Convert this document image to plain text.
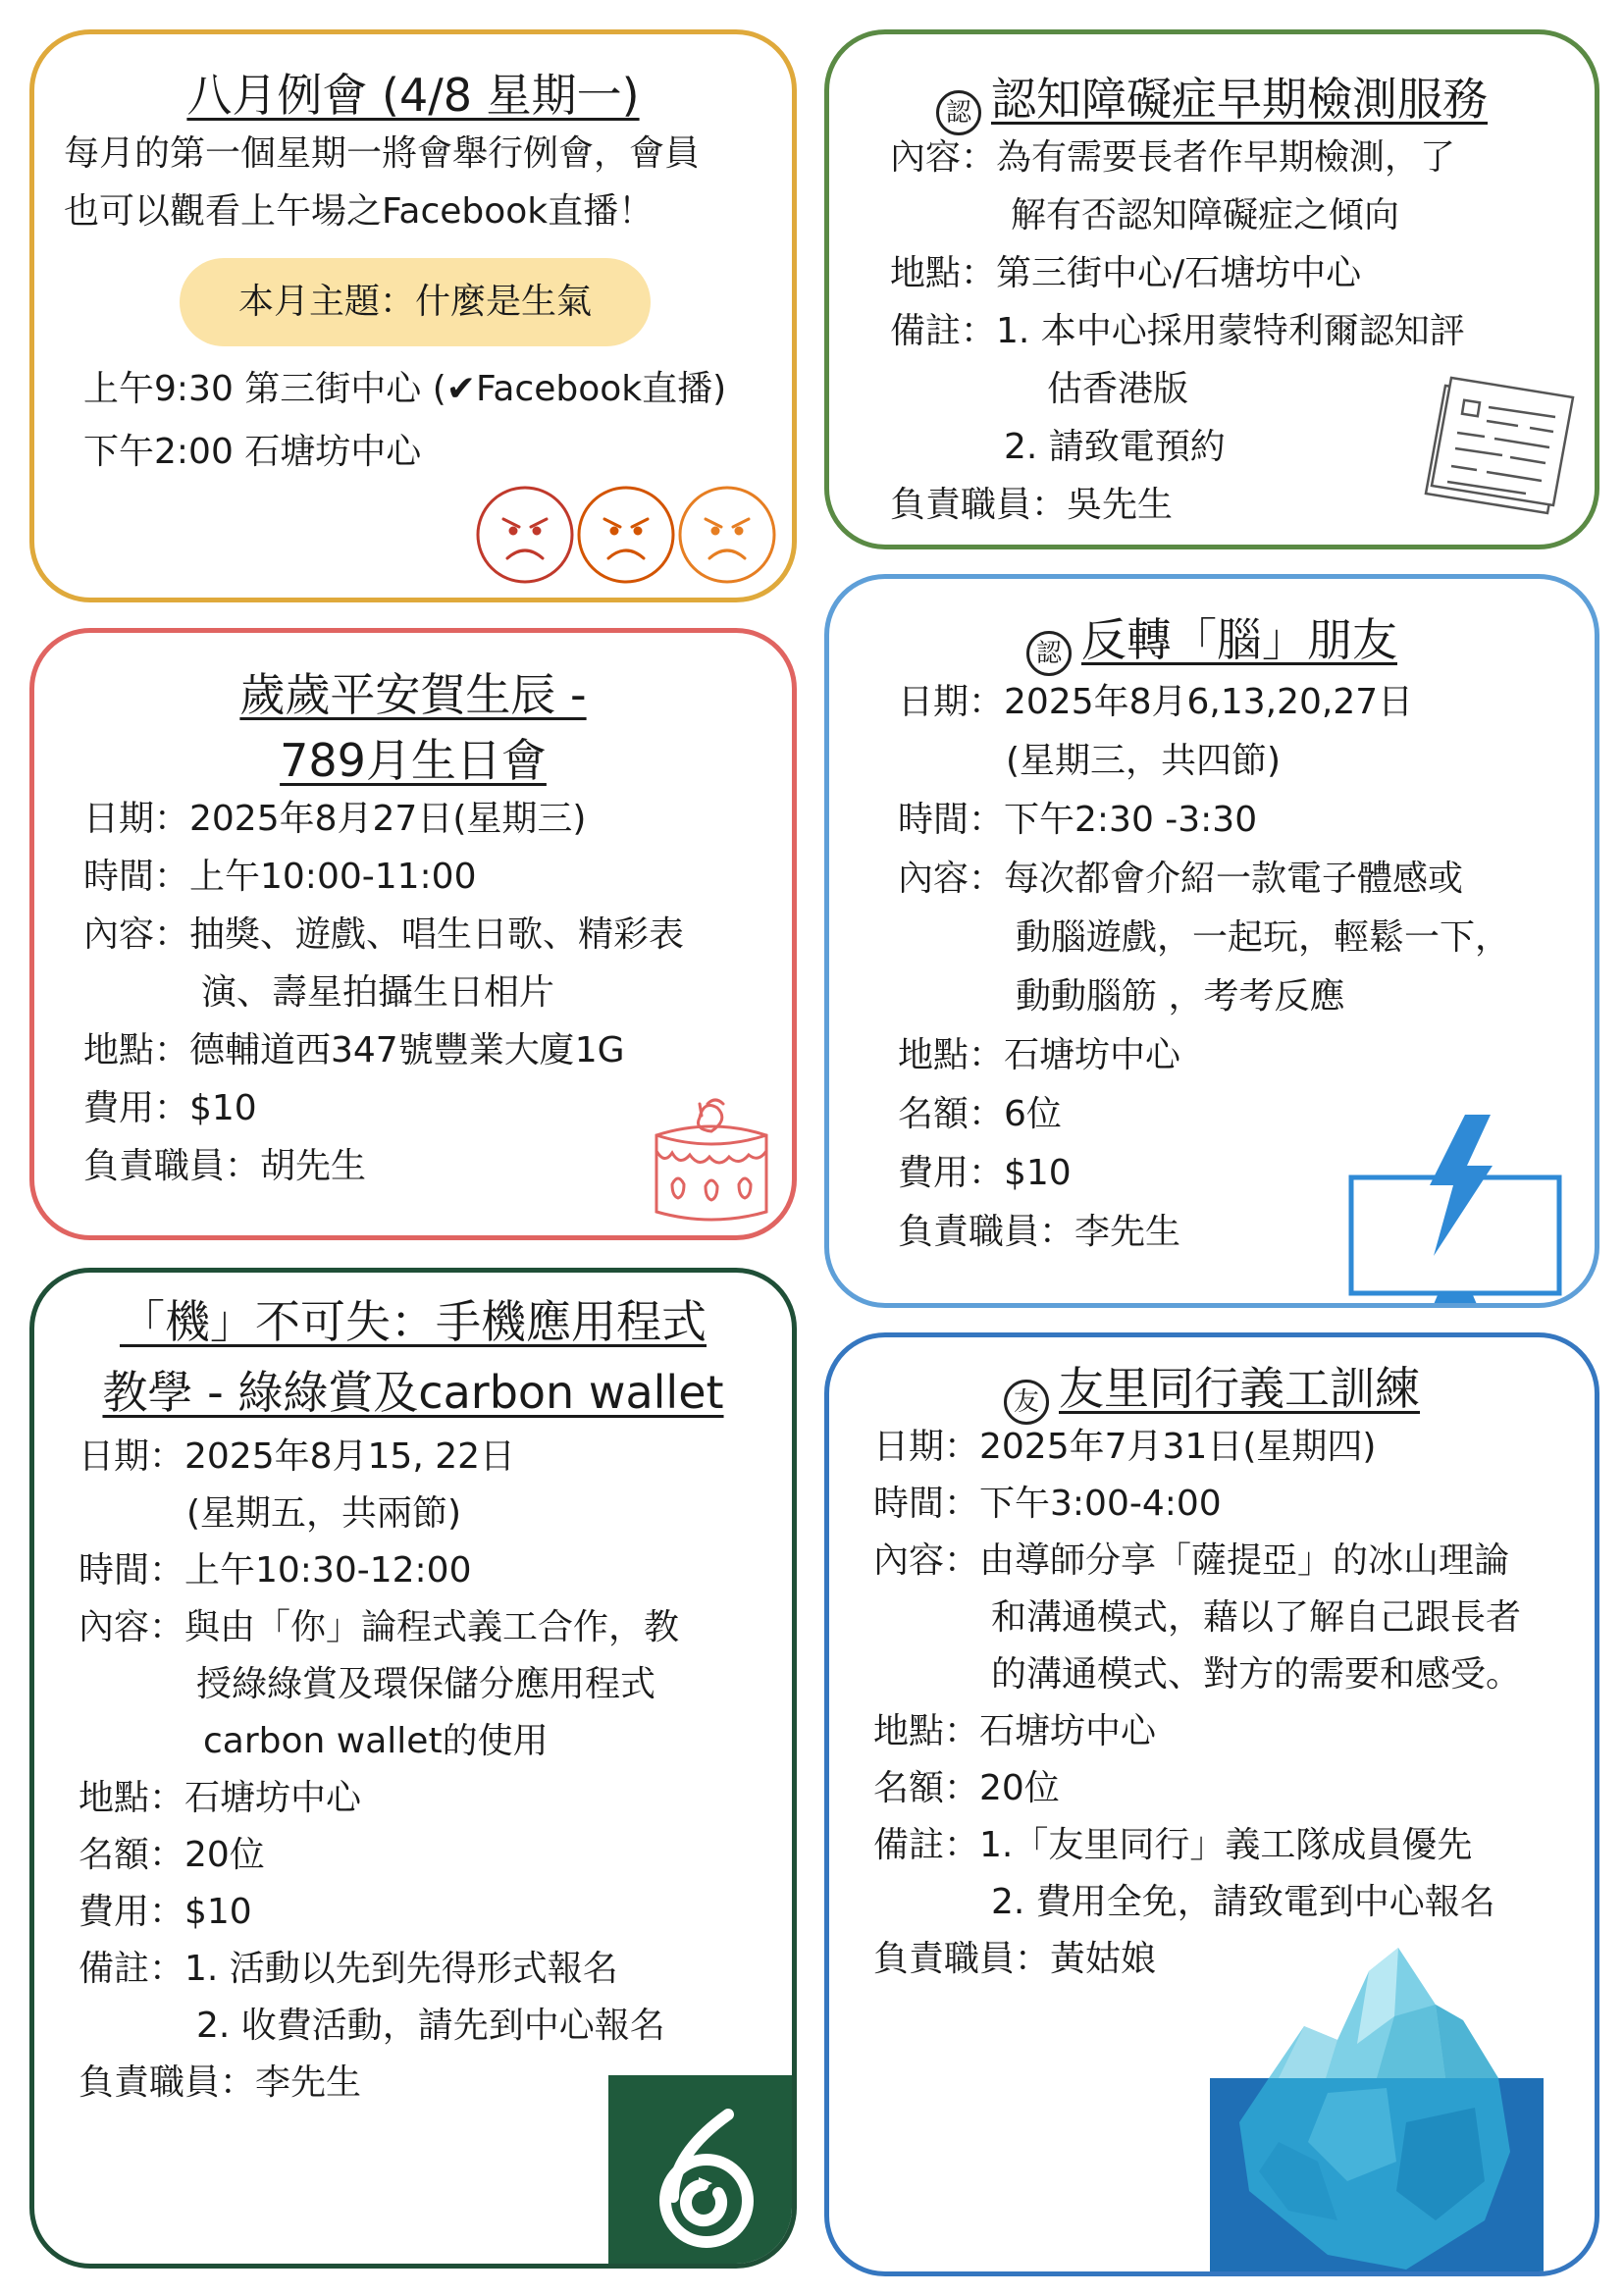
八月例會 (4/8 星期一)
每月的第一個星期一將會舉行例會，會員
也可以觀看上午場之Facebook直播！
本月主題：什麼是生氣
上午9:30 第三街中心 (✔Facebook直播)
下午2:00 石塘坊中心
認 認知障礙症早期檢測服務
內容：為有需要長者作早期檢測，了
解有否認知障礙症之傾向
地點：第三街中心/石塘坊中心
備註：1. 本中心採用蒙特利爾認知評
估香港版
2. 請致電預約
負責職員：吳先生
歲歲平安賀生辰 -
789月生日會
日期：2025年8月27日(星期三)
時間：上午10:00-11:00
內容：抽獎、遊戲、唱生日歌、精彩表
演、壽星拍攝生日相片
地點：德輔道西347號豐業大廈1G
費用：$10
負責職員：胡先生
認 反轉「腦」朋友
日期：2025年8月6,13,20,27日
(星期三，共四節)
時間：下午2:30 -3:30
內容：每次都會介紹一款電子體感或
動腦遊戲，一起玩，輕鬆一下，
動動腦筋 ，考考反應
地點：石塘坊中心
名額：6位
費用：$10
負責職員：李先生
「機」不可失：手機應用程式
教學 - 綠綠賞及carbon wallet
日期：2025年8月15, 22日
(星期五，共兩節)
時間：上午10:30-12:00
內容：與由「你」論程式義工合作，教
授綠綠賞及環保儲分應用程式
carbon wallet的使用
地點：石塘坊中心
名額：20位
費用：$10
備註：1. 活動以先到先得形式報名
2. 收費活動，請先到中心報名
負責職員：李先生
友 友里同行義工訓練
日期：2025年7月31日(星期四)
時間：下午3:00-4:00
內容：由導師分享「薩提亞」的冰山理論
和溝通模式，藉以了解自己跟長者
的溝通模式、對方的需要和感受。
地點：石塘坊中心
名額：20位
備註：1.「友里同行」義工隊成員優先
2. 費用全免，請致電到中心報名
負責職員：黃姑娘
